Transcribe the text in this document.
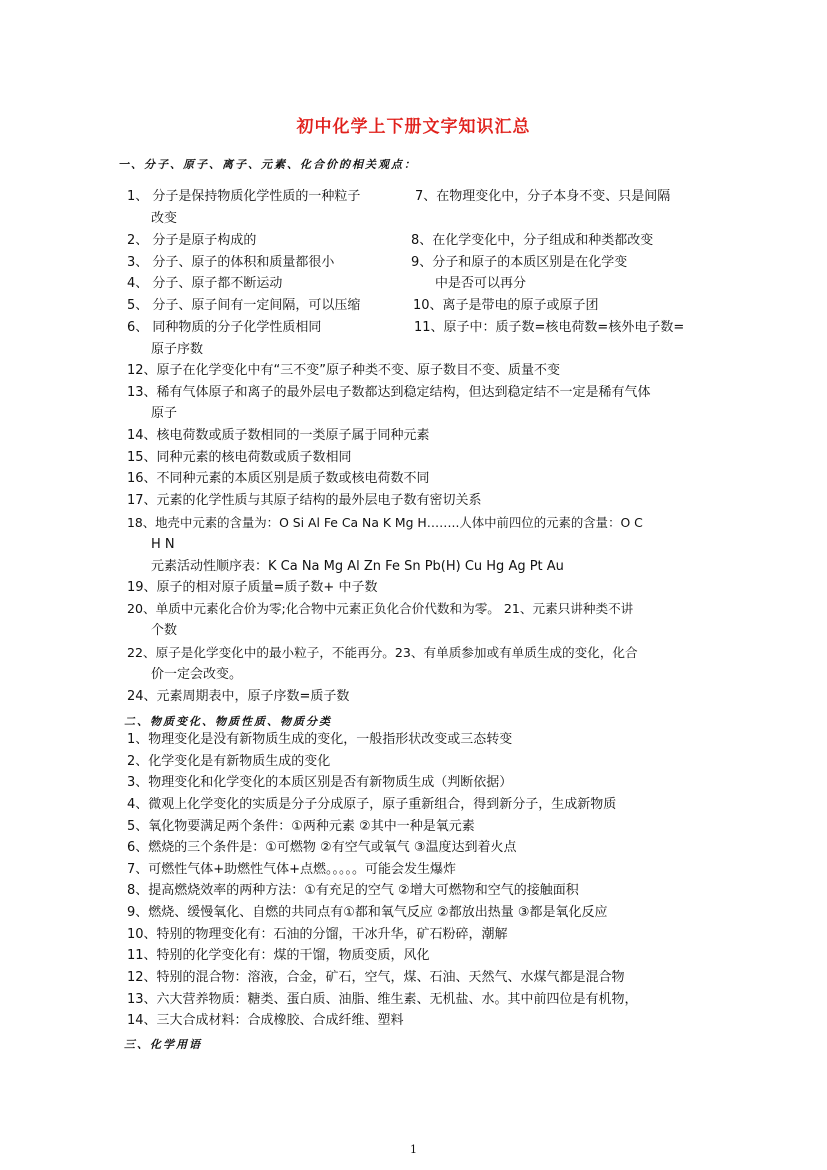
初中化学上下册文字知识汇总
一、分子、原子、离子、元素、化合价的相关观点：
1、 分子是保持物质化学性质的一种粒子	7、在物理变化中，分子本身不变、只是间隔
改变
2、 分子是原子构成的	8、在化学变化中，分子组成和种类都改变
3、 分子、原子的体积和质量都很小	9、分子和原子的本质区别是在化学变
4、 分子、原子都不断运动	中是否可以再分
5、 分子、原子间有一定间隔，可以压缩	10、离子是带电的原子或原子团
6、 同种物质的分子化学性质相同	11、原子中：质子数=核电荷数=核外电子数=
原子序数
12、原子在化学变化中有“三不变”原子种类不变、原子数目不变、质量不变
13、稀有气体原子和离子的最外层电子数都达到稳定结构，但达到稳定结不一定是稀有气体
原子
14、核电荷数或质子数相同的一类原子属于同种元素
15、同种元素的核电荷数或质子数相同
16、不同种元素的本质区别是质子数或核电荷数不同
17、元素的化学性质与其原子结构的最外层电子数有密切关系
18、地壳中元素的含量为：O Si Al Fe Ca Na K Mg H……..人体中前四位的元素的含量：O C
H N
元素活动性顺序表：K Ca Na Mg Al Zn Fe Sn Pb(H) Cu Hg Ag Pt Au
19、原子的相对原子质量=质子数+ 中子数
20、单质中元素化合价为零;化合物中元素正负化合价代数和为零。 21、元素只讲种类不讲
个数
22、原子是化学变化中的最小粒子，不能再分。23、有单质参加或有单质生成的变化，化合
价一定会改变。
24、元素周期表中，原子序数=质子数
二、物质变化、物质性质、物质分类
1、物理变化是没有新物质生成的变化，一般指形状改变或三态转变
2、化学变化是有新物质生成的变化
3、物理变化和化学变化的本质区别是否有新物质生成（判断依据）
4、微观上化学变化的实质是分子分成原子，原子重新组合，得到新分子，生成新物质
5、氧化物要满足两个条件：①两种元素 ②其中一种是氧元素
6、燃烧的三个条件是：①可燃物 ②有空气或氧气 ③温度达到着火点
7、可燃性气体+助燃性气体+点燃。。。。。可能会发生爆炸
8、提高燃烧效率的两种方法：①有充足的空气 ②增大可燃物和空气的接触面积
9、燃烧、缓慢氧化、自燃的共同点有①都和氧气反应 ②都放出热量 ③都是氧化反应
10、特别的物理变化有：石油的分馏，干冰升华，矿石粉碎，潮解
11、特别的化学变化有：煤的干馏，物质变质，风化
12、特别的混合物：溶液，合金，矿石，空气，煤、石油、天然气、水煤气都是混合物
13、六大营养物质：糖类、蛋白质、油脂、维生素、无机盐、水。其中前四位是有机物，
14、三大合成材料：合成橡胶、合成纤维、塑料
三、化学用语
1
